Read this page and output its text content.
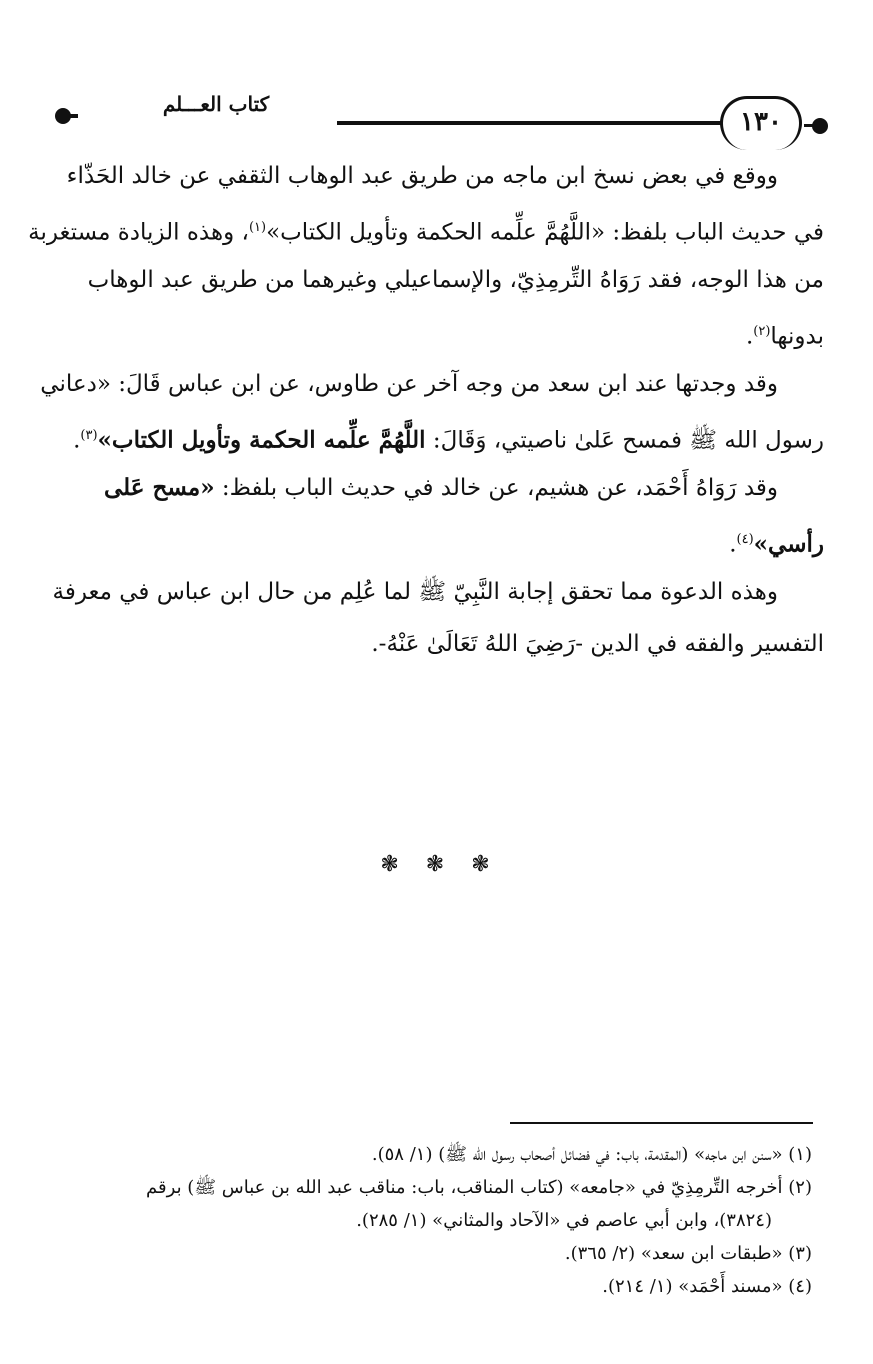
كتاب العـــلم
١٣٠
ووقع في بعض نسخ ابن ماجه من طريق عبد الوهاب الثقفي عن خالد الحَذّاء
في حديث الباب بلفظ: «اللَّهُمَّ علِّمه الحكمة وتأويل الكتاب»$^{(١)}$، وهذه الزيادة مستغربة
من هذا الوجه، فقد رَوَاهُ التِّرمِذِيّ، والإسماعيلي وغيرهما من طريق عبد الوهاب
بدونها$^{(٢)}$.
وقد وجدتها عند ابن سعد من وجه آخر عن طاوس، عن ابن عباس قَالَ: «دعاني
رسول الله ﷺ فمسح عَلىٰ ناصيتي، وَقَالَ: اللَّهُمَّ علِّمه الحكمة وتأويل الكتاب»$^{(٣)}$.
وقد رَوَاهُ أَحْمَد، عن هشيم، عن خالد في حديث الباب بلفظ: «مسح عَلى
رأسي»$^{(٤)}$.
وهذه الدعوة مما تحقق إجابة النَّبِيّ ﷺ لما عُلِم من حال ابن عباس في معرفة
التفسير والفقه في الدين -رَضِيَ اللهُ تَعَالَىٰ عَنْهُ-.
❃ ❃ ❃
(١) «سنن ابن ماجه» (المقدمة، باب: في فضائل أصحاب رسول الله ﷺ) (١/ ٥٨).
(٢) أخرجه التِّرمِذِيّ في «جامعه» (كتاب المناقب، باب: مناقب عبد الله بن عباس ﷺ) برقم
(٣٨٢٤)، وابن أبي عاصم في «الآحاد والمثاني» (١/ ٢٨٥).
(٣) «طبقات ابن سعد» (٢/ ٣٦٥).
(٤) «مسند أَحْمَد» (١/ ٢١٤).
